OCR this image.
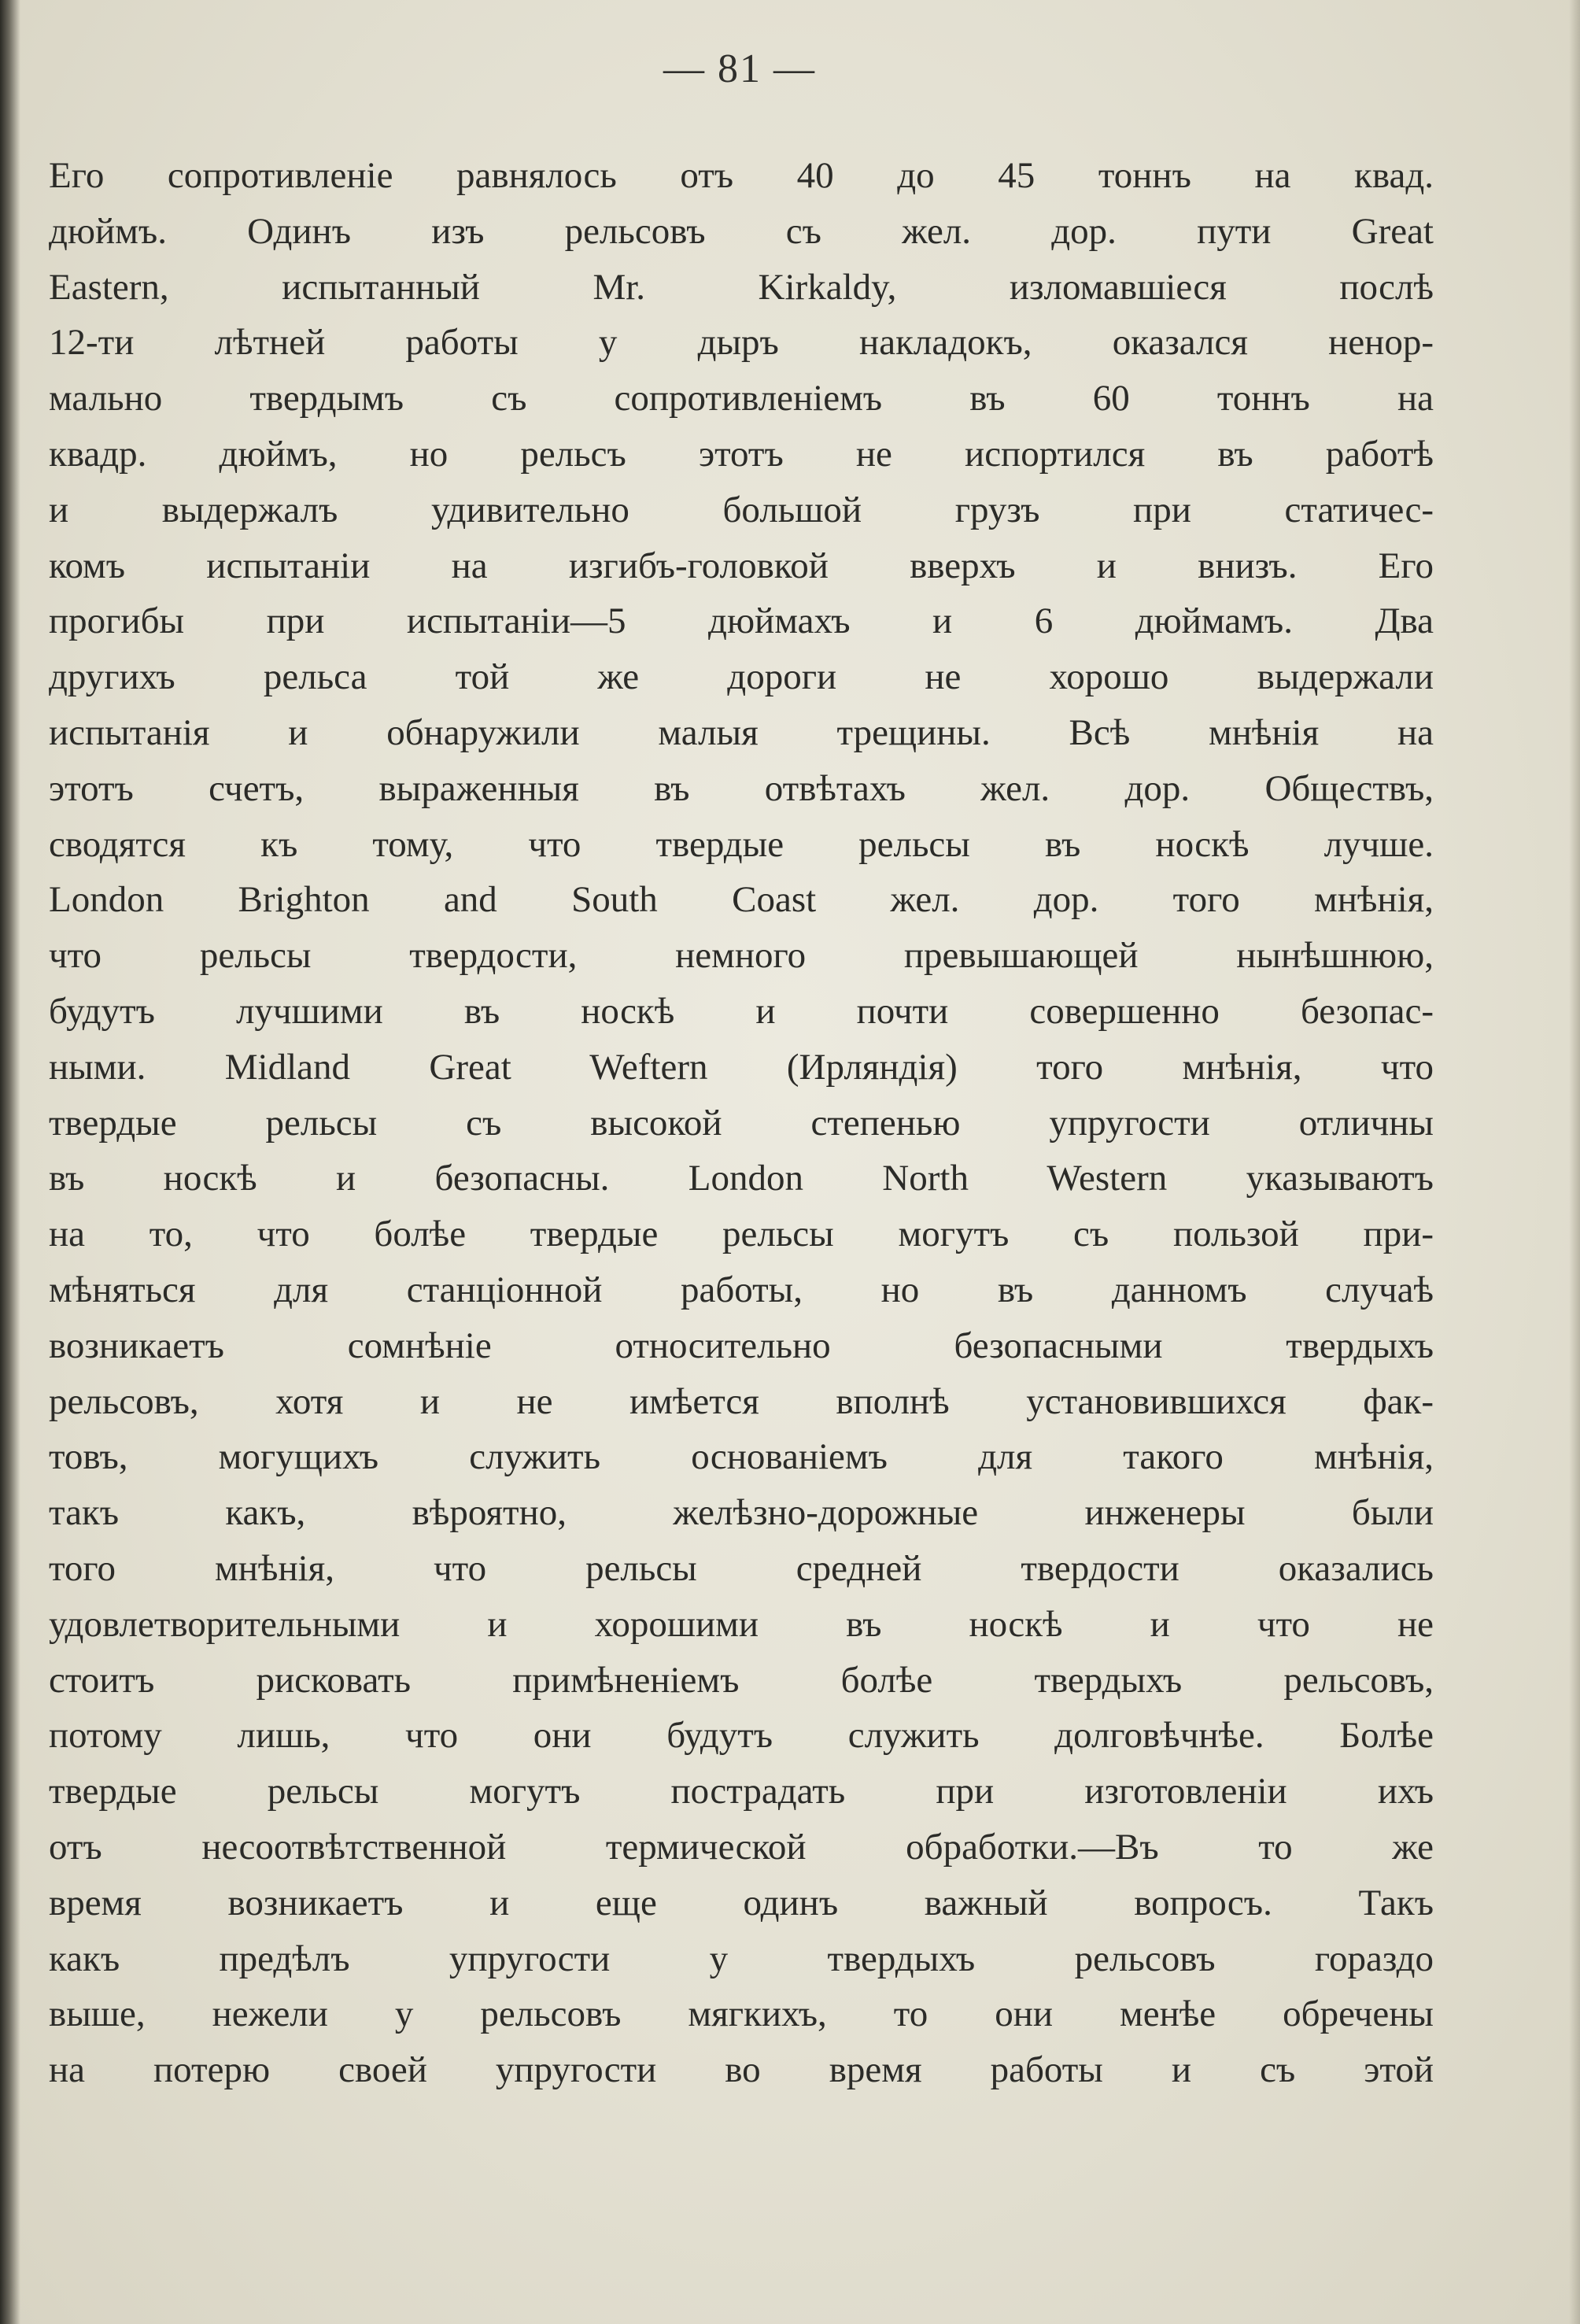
— 81 —
Его сопротивленіе равнялось отъ 40 до 45 тоннъ на квад.
дюймъ. Одинъ изъ рельсовъ съ жел. дор. пути Great
Eastern, испытанный Mr. Kirkaldy, изломавшіеся послѣ
12-ти лѣтней работы у дыръ накладокъ, оказался ненор-
мально твердымъ съ сопротивленіемъ въ 60 тоннъ на
квадр. дюймъ, но рельсъ этотъ не испортился въ работѣ
и выдержалъ удивительно большой грузъ при статичес-
комъ испытаніи на изгибъ-головкой вверхъ и внизъ. Его
прогибы при испытаніи—5 дюймахъ и 6 дюймамъ. Два
другихъ рельса той же дороги не хорошо выдержали
испытанія и обнаружили малыя трещины. Всѣ мнѣнія на
этотъ счетъ, выраженныя въ отвѣтахъ жел. дор. Обществъ,
сводятся къ тому, что твердые рельсы въ носкѣ лучше.
London Brighton and South Coast жел. дор. того мнѣнія,
что рельсы твердости, немного превышающей нынѣшнюю,
будутъ лучшими въ носкѣ и почти совершенно безопас-
ными. Midland Great Weftern (Ирляндія) того мнѣнія, что
твердые рельсы съ высокой степенью упругости отличны
въ носкѣ и безопасны. London North Western указываютъ
на то, что болѣе твердые рельсы могутъ съ пользой при-
мѣняться для станціонной работы, но въ данномъ случаѣ
возникаетъ сомнѣніе относительно безопасными твердыхъ
рельсовъ, хотя и не имѣется вполнѣ установившихся фак-
товъ, могущихъ служить основаніемъ для такого мнѣнія,
такъ какъ, вѣроятно, желѣзно-дорожные инженеры были
того мнѣнія, что рельсы средней твердости оказались
удовлетворительными и хорошими въ носкѣ и что не
стоитъ рисковать примѣненіемъ болѣе твердыхъ рельсовъ,
потому лишь, что они будутъ служить долговѣчнѣе. Болѣе
твердые рельсы могутъ пострадать при изготовленіи ихъ
отъ несоотвѣтственной термической обработки.—Въ то же
время возникаетъ и еще одинъ важный вопросъ. Такъ
какъ предѣлъ упругости у твердыхъ рельсовъ гораздо
выше, нежели у рельсовъ мягкихъ, то они менѣе обречены
на потерю своей упругости во время работы и съ этой
